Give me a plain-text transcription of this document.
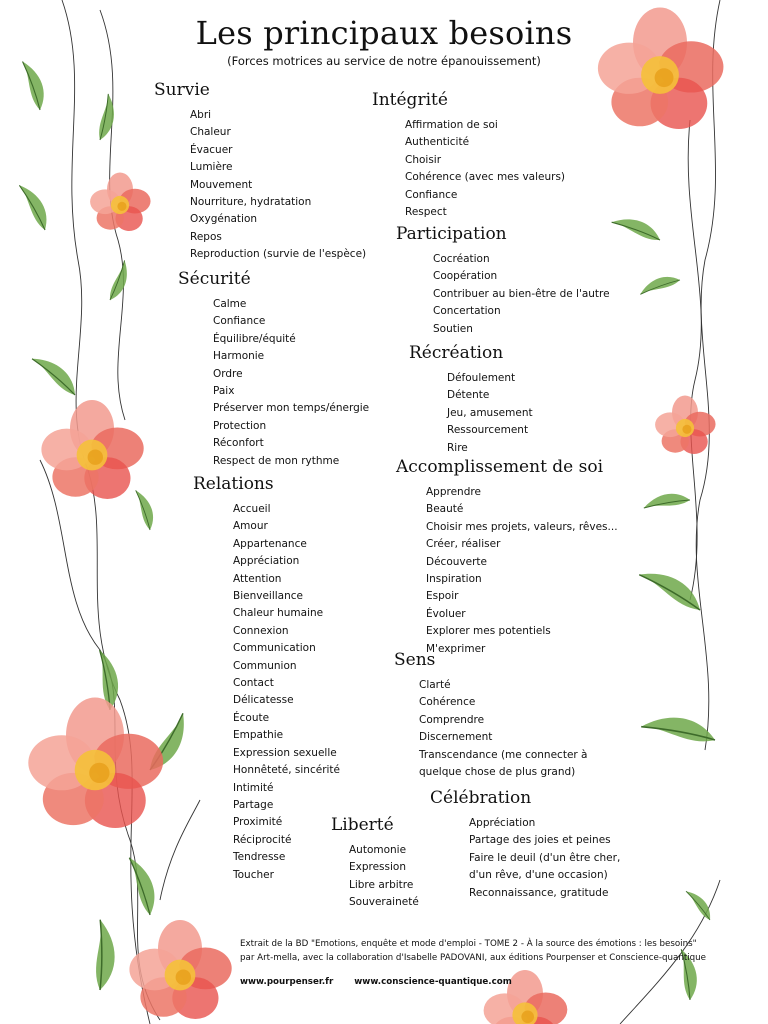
Les principaux besoins
(Forces motrices au service de notre épanouissement)
Survie
Abri
Chaleur
Évacuer
Lumière
Mouvement
Nourriture, hydratation
Oxygénation
Repos
Reproduction (survie de l'espèce)
Sécurité
Calme
Confiance
Équilibre/équité
Harmonie
Ordre
Paix
Préserver mon temps/énergie
Protection
Réconfort
Respect de mon rythme
Relations
Accueil
Amour
Appartenance
Appréciation
Attention
Bienveillance
Chaleur humaine
Connexion
Communication
Communion
Contact
Délicatesse
Écoute
Empathie
Expression sexuelle
Honnêteté, sincérité
Intimité
Partage
Proximité
Réciprocité
Tendresse
Toucher
Intégrité
Affirmation de soi
Authenticité
Choisir
Cohérence (avec mes valeurs)
Confiance
Respect
Participation
Cocréation
Coopération
Contribuer au bien-être de l'autre
Concertation
Soutien
Récréation
Défoulement
Détente
Jeu, amusement
Ressourcement
Rire
Accomplissement de soi
Apprendre
Beauté
Choisir mes projets, valeurs, rêves...
Créer, réaliser
Découverte
Inspiration
Espoir
Évoluer
Explorer mes potentiels
M'exprimer
Sens
Clarté
Cohérence
Comprendre
Discernement
Transcendance (me connecter à
quelque chose de plus grand)
Célébration
Appréciation
Partage des joies et peines
Faire le deuil (d'un être cher,
d'un rêve, d'une occasion)
Reconnaissance, gratitude
Liberté
Automonie
Expression
Libre arbitre
Souveraineté
Extrait de la BD "Emotions, enquête et mode d'emploi - TOME 2 - À la source des émotions : les besoins"
par Art-mella, avec la collaboration d'Isabelle PADOVANI, aux éditions Pourpenser et Conscience-quantique
www.pourpenser.fr www.conscience-quantique.com
